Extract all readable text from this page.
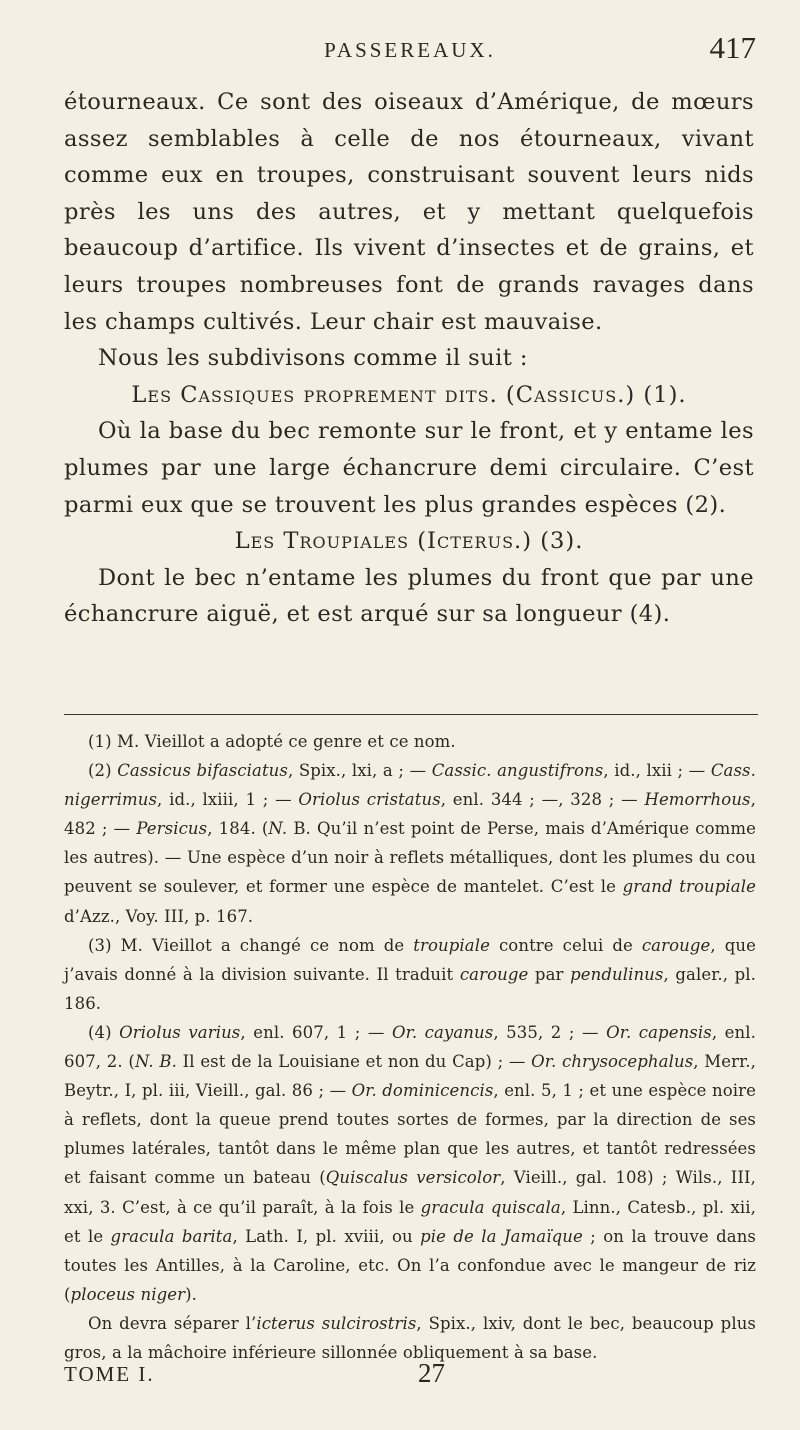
PASSEREAUX.	417

étourneaux. Ce sont des oiseaux d’Amérique, de mœurs assez semblables à celle de nos étourneaux, vivant comme eux en troupes, construisant souvent leurs nids près les uns des autres, et y mettant quelquefois beaucoup d’artifice. Ils vivent d’insectes et de grains, et leurs troupes nombreuses font de grands ravages dans les champs cultivés. Leur chair est mauvaise.

Nous les subdivisons comme il suit :

Les Cassiques proprement dits. (Cassicus.) (1).

Où la base du bec remonte sur le front, et y entame les plumes par une large échancrure demi circulaire. C’est parmi eux que se trouvent les plus grandes espèces (2).

Les Troupiales (Icterus.) (3).

Dont le bec n’entame les plumes du front que par une échancrure aiguë, et est arqué sur sa longueur (4).

(1) M. Vieillot a adopté ce genre et ce nom.

(2) Cassicus bifasciatus, Spix., lxi, a ; — Cassic. angustifrons, id., lxii ; — Cass. nigerrimus, id., lxiii, 1 ; — Oriolus cristatus, enl. 344 ; —, 328 ; — Hemorrhous, 482 ; — Persicus, 184. (N. B. Qu’il n’est point de Perse, mais d’Amérique comme les autres). — Une espèce d’un noir à reflets métalliques, dont les plumes du cou peuvent se soulever, et former une espèce de mantelet. C’est le grand troupiale d’Azz., Voy. III, p. 167.

(3) M. Vieillot a changé ce nom de troupiale contre celui de carouge, que j’avais donné à la division suivante. Il traduit carouge par pendulinus, galer., pl. 186.

(4) Oriolus varius, enl. 607, 1 ; — Or. cayanus, 535, 2 ; — Or. capensis, enl. 607, 2. (N. B. Il est de la Louisiane et non du Cap) ; — Or. chrysocephalus, Merr., Beytr., I, pl. iii, Vieill., gal. 86 ; — Or. dominicencis, enl. 5, 1 ; et une espèce noire à reflets, dont la queue prend toutes sortes de formes, par la direction de ses plumes latérales, tantôt dans le même plan que les autres, et tantôt redressées et faisant comme un bateau (Quiscalus versicolor, Vieill., gal. 108) ; Wils., III, xxi, 3. C’est, à ce qu’il paraît, à la fois le gracula quiscala, Linn., Catesb., pl. xii, et le gracula barita, Lath. I, pl. xviii, ou pie de la Jamaïque ; on la trouve dans toutes les Antilles, à la Caroline, etc. On l’a confondue avec le mangeur de riz (ploceus niger).

On devra séparer l’icterus sulcirostris, Spix., lxiv, dont le bec, beaucoup plus gros, a la mâchoire inférieure sillonnée obliquement à sa base.

TOME I.	27
